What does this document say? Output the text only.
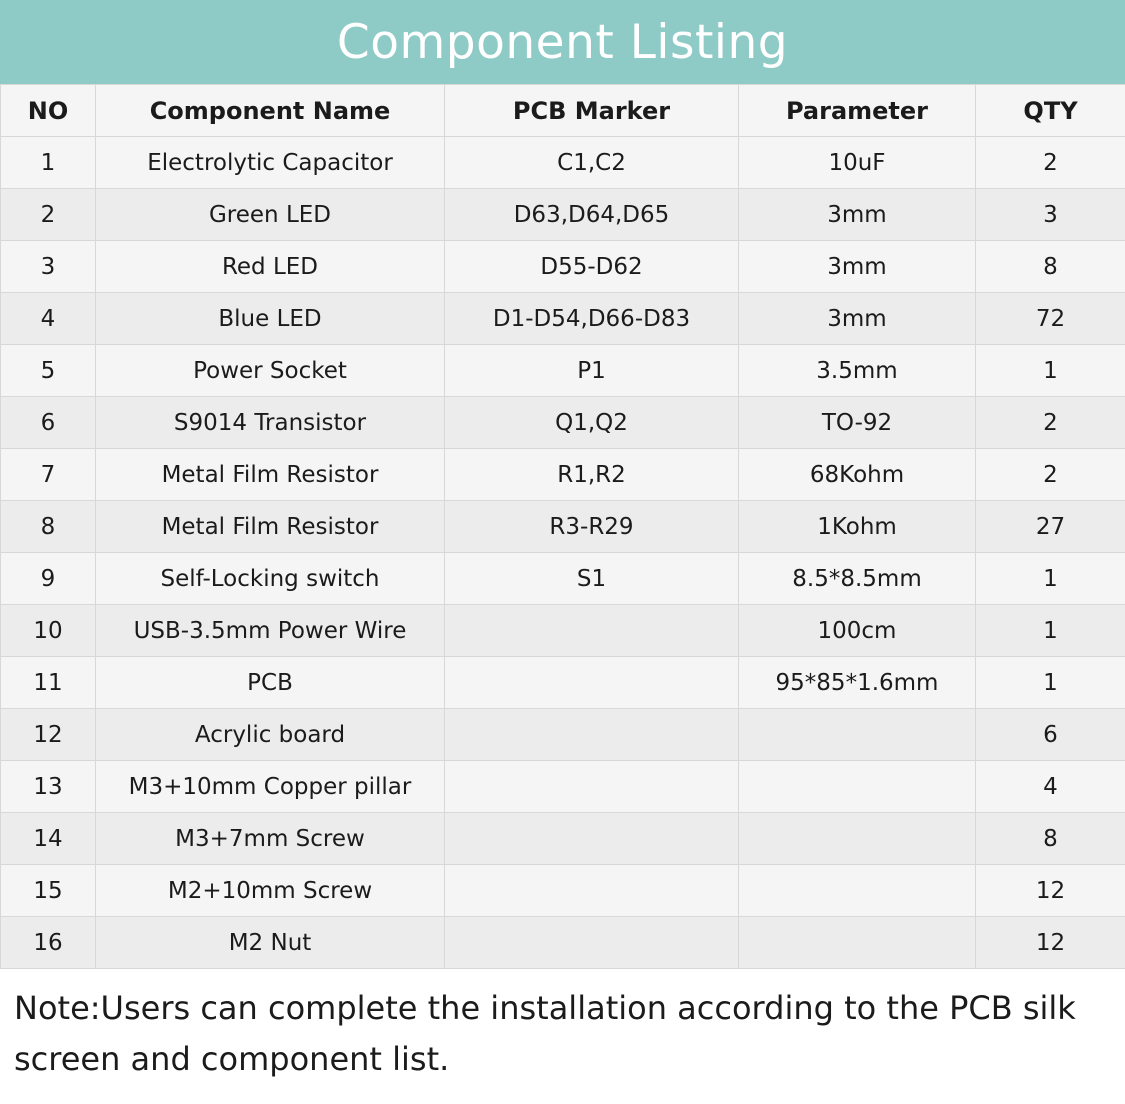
Component Listing
NO	Component Name	PCB Marker	Parameter	QTY
1	Electrolytic Capacitor	C1,C2	10uF	2
2	Green LED	D63,D64,D65	3mm	3
3	Red LED	D55-D62	3mm	8
4	Blue LED	D1-D54,D66-D83	3mm	72
5	Power Socket	P1	3.5mm	1
6	S9014 Transistor	Q1,Q2	TO-92	2
7	Metal Film Resistor	R1,R2	68Kohm	2
8	Metal Film Resistor	R3-R29	1Kohm	27
9	Self-Locking switch	S1	8.5*8.5mm	1
10	USB-3.5mm Power Wire		100cm	1
11	PCB		95*85*1.6mm	1
12	Acrylic board			6
13	M3+10mm Copper pillar			4
14	M3+7mm Screw			8
15	M2+10mm Screw			12
16	M2 Nut			12
Note:Users can complete the installation according to the PCB silk screen and component list.
